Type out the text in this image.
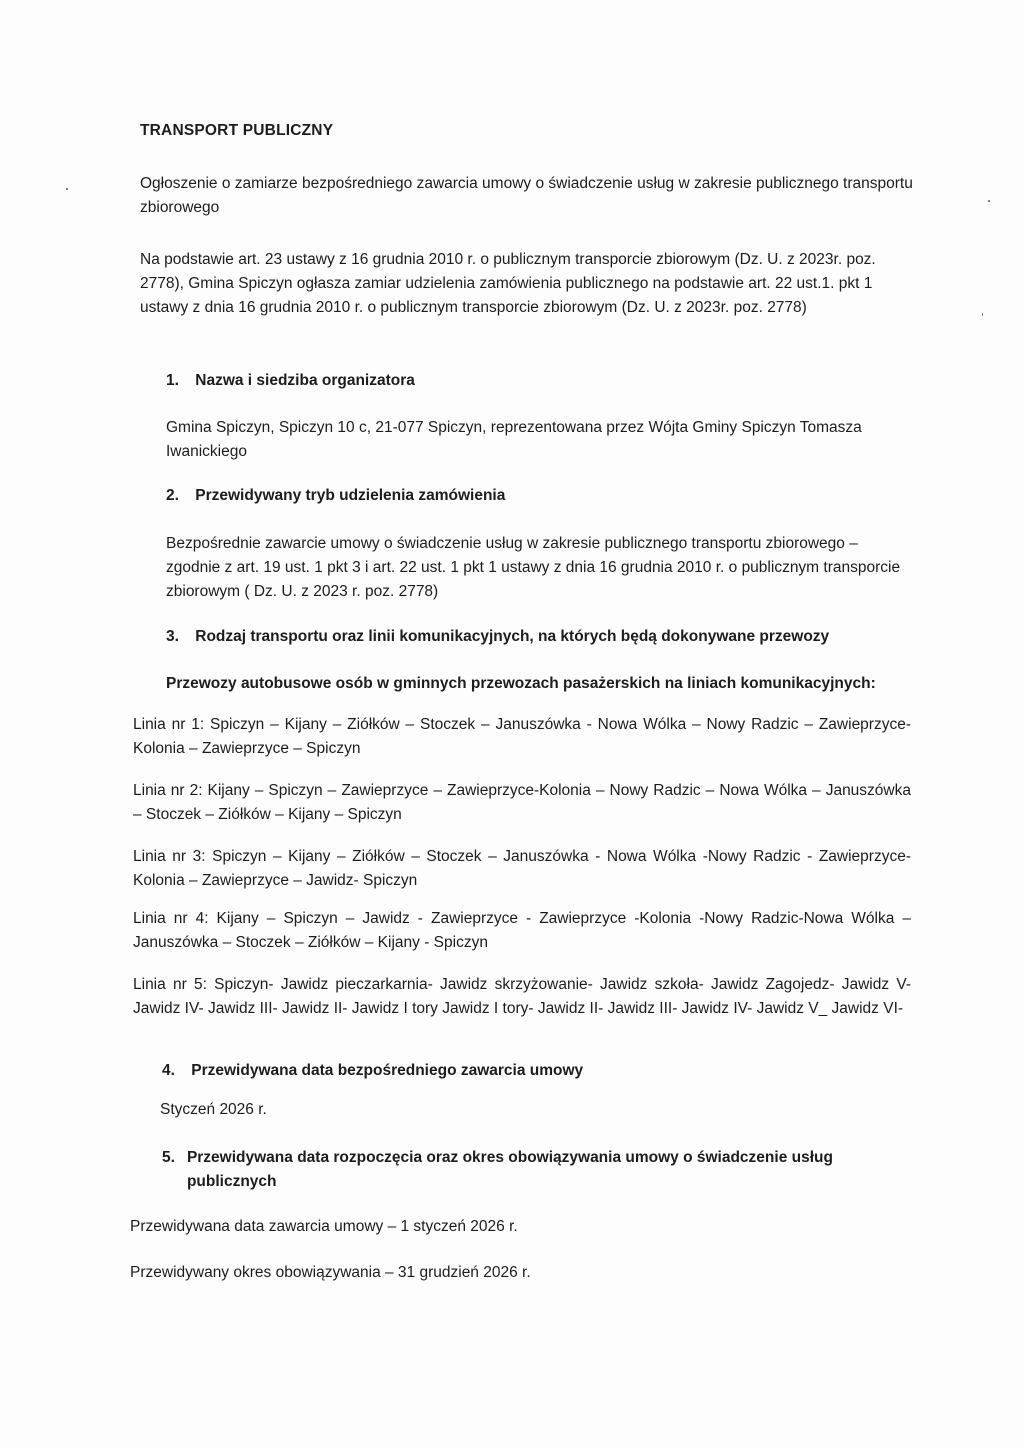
TRANSPORT PUBLICZNY
Ogłoszenie o zamiarze bezpośredniego zawarcia umowy o świadczenie usług w zakresie publicznego transportu zbiorowego
Na podstawie art. 23 ustawy z 16 grudnia 2010 r. o publicznym transporcie zbiorowym (Dz. U. z 2023r. poz. 2778), Gmina Spiczyn ogłasza zamiar udzielenia zamówienia publicznego na podstawie art. 22 ust.1. pkt 1 ustawy z dnia 16 grudnia 2010 r. o publicznym transporcie zbiorowym (Dz. U. z 2023r. poz. 2778)
1. Nazwa i siedziba organizatora
Gmina Spiczyn, Spiczyn 10 c, 21-077 Spiczyn, reprezentowana przez Wójta Gminy Spiczyn Tomasza Iwanickiego
2. Przewidywany tryb udzielenia zamówienia
Bezpośrednie zawarcie umowy o świadczenie usług w zakresie publicznego transportu zbiorowego – zgodnie z art. 19 ust. 1 pkt 3 i art. 22 ust. 1 pkt 1 ustawy z dnia 16 grudnia 2010 r. o publicznym transporcie zbiorowym ( Dz. U. z 2023 r. poz. 2778)
3. Rodzaj transportu oraz linii komunikacyjnych, na których będą dokonywane przewozy
Przewozy autobusowe osób w gminnych przewozach pasażerskich na liniach komunikacyjnych:
Linia nr 1: Spiczyn – Kijany – Ziółków – Stoczek – Januszówka - Nowa Wólka – Nowy Radzic – Zawieprzyce-Kolonia – Zawieprzyce – Spiczyn
Linia nr 2: Kijany – Spiczyn – Zawieprzyce – Zawieprzyce-Kolonia – Nowy Radzic – Nowa Wólka – Januszówka – Stoczek – Ziółków – Kijany – Spiczyn
Linia nr 3: Spiczyn – Kijany – Ziółków – Stoczek – Januszówka - Nowa Wólka -Nowy Radzic - Zawieprzyce-Kolonia – Zawieprzyce – Jawidz- Spiczyn
Linia nr 4: Kijany – Spiczyn – Jawidz - Zawieprzyce - Zawieprzyce -Kolonia -Nowy Radzic-Nowa Wólka – Januszówka – Stoczek – Ziółków – Kijany - Spiczyn
Linia nr 5: Spiczyn- Jawidz pieczarkarnia- Jawidz skrzyżowanie- Jawidz szkoła- Jawidz Zagojedz- Jawidz V- Jawidz IV- Jawidz III- Jawidz II- Jawidz I tory Jawidz I tory- Jawidz II- Jawidz III- Jawidz IV- Jawidz V_ Jawidz VI-
4. Przewidywana data bezpośredniego zawarcia umowy
Styczeń 2026 r.
5. Przewidywana data rozpoczęcia oraz okres obowiązywania umowy o świadczenie usług publicznych
Przewidywana data zawarcia umowy – 1 styczeń 2026 r.
Przewidywany okres obowiązywania – 31 grudzień 2026 r.
